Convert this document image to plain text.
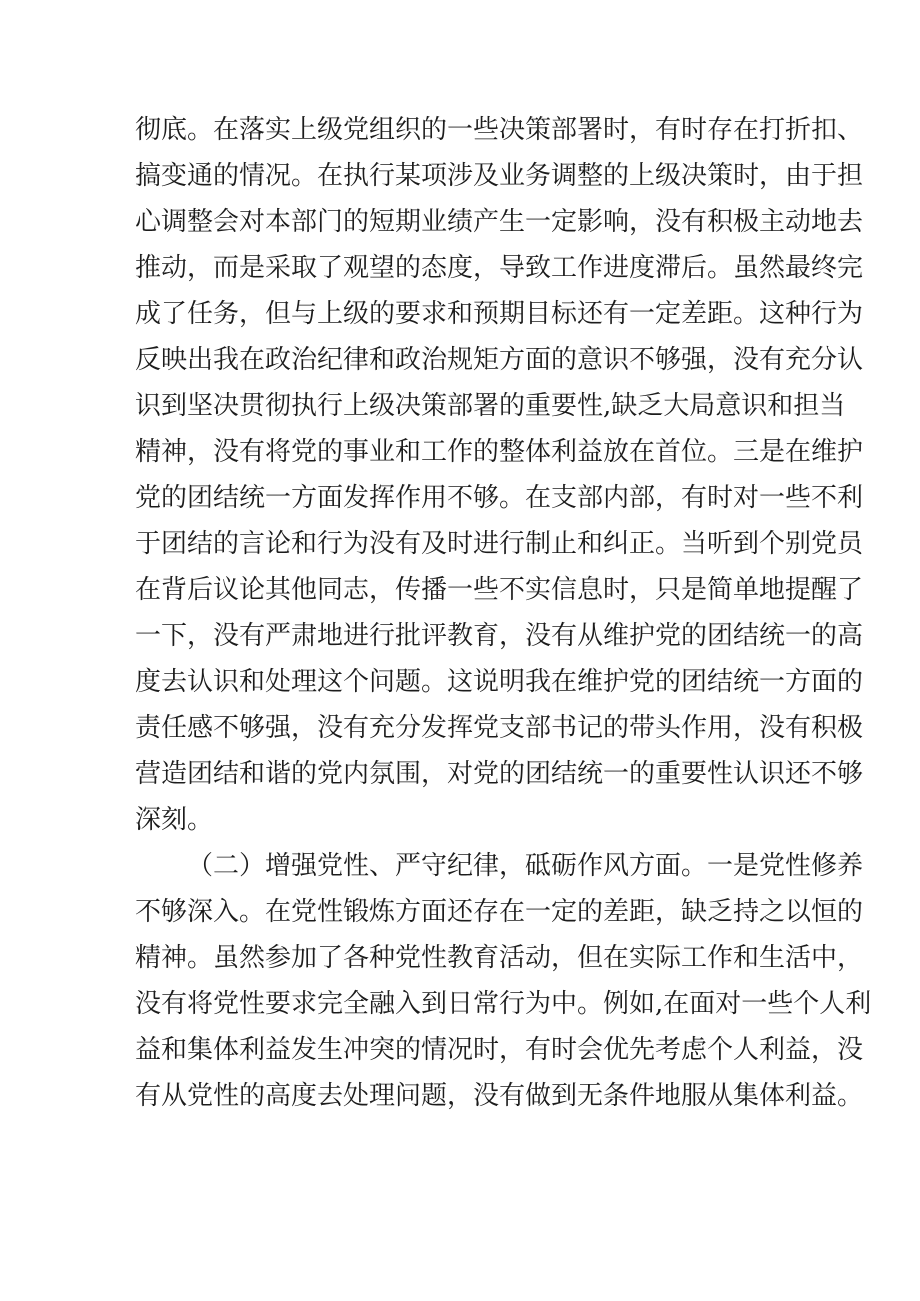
彻底。在落实上级党组织的一些决策部署时，有时存在打折扣、
搞变通的情况。在执行某项涉及业务调整的上级决策时，由于担
心调整会对本部门的短期业绩产生一定影响，没有积极主动地去
推动，而是采取了观望的态度，导致工作进度滞后。虽然最终完
成了任务，但与上级的要求和预期目标还有一定差距。这种行为
反映出我在政治纪律和政治规矩方面的意识不够强，没有充分认
识到坚决贯彻执行上级决策部署的重要性,缺乏大局意识和担当
精神，没有将党的事业和工作的整体利益放在首位。三是在维护
党的团结统一方面发挥作用不够。在支部内部，有时对一些不利
于团结的言论和行为没有及时进行制止和纠正。当听到个别党员
在背后议论其他同志，传播一些不实信息时，只是简单地提醒了
一下，没有严肃地进行批评教育，没有从维护党的团结统一的高
度去认识和处理这个问题。这说明我在维护党的团结统一方面的
责任感不够强，没有充分发挥党支部书记的带头作用，没有积极
营造团结和谐的党内氛围，对党的团结统一的重要性认识还不够
深刻。
（二）增强党性、严守纪律，砥砺作风方面。一是党性修养
不够深入。在党性锻炼方面还存在一定的差距，缺乏持之以恒的
精神。虽然参加了各种党性教育活动，但在实际工作和生活中，
没有将党性要求完全融入到日常行为中。例如,在面对一些个人利
益和集体利益发生冲突的情况时，有时会优先考虑个人利益，没
有从党性的高度去处理问题，没有做到无条件地服从集体利益。
